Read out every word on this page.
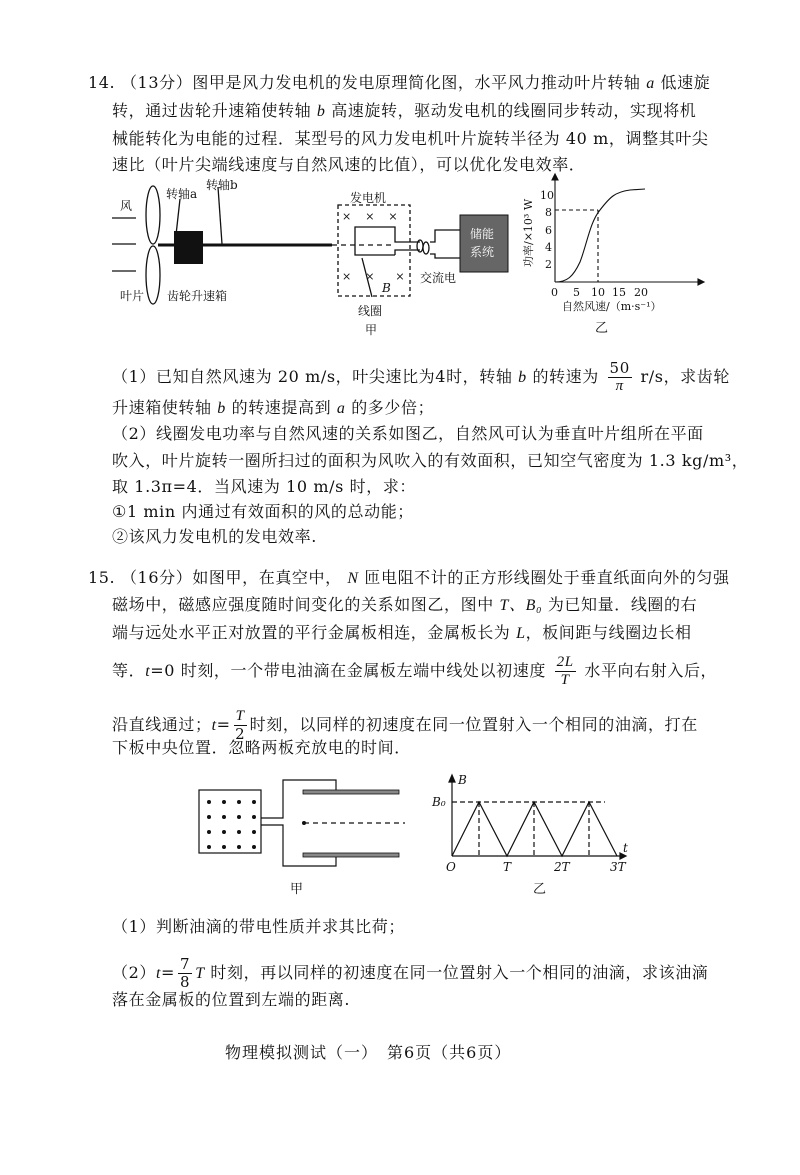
14. （13分）图甲是风力发电机的发电原理简化图，水平风力推动叶片转轴 a 低速旋
转，通过齿轮升速箱使转轴 b 高速旋转，驱动发电机的线圈同步转动，实现将机
械能转化为电能的过程．某型号的风力发电机叶片旋转半径为 40 m，调整其叶尖
速比（叶片尖端线速度与自然风速的比值），可以优化发电效率．
风
转轴a
转轴b
发电机
储能
系统
交流电
线圈
叶片 齿轮升速箱
B
甲
×    ×    ×
×    ×      ×
2
4
6
8
10
0 5 10 15 20
自然风速/（m·s⁻¹）
功率/×10³ W
乙
（1）已知自然风速为 20 m/s，叶尖速比为4时，转轴 b 的转速为 $\frac{50}{\pi} r/s$，求齿轮
升速箱使转轴 b 的转速提高到 a 的多少倍；
（2）线圈发电功率与自然风速的关系如图乙，自然风可认为垂直叶片组所在平面
吹入，叶片旋转一圈所扫过的面积为风吹入的有效面积，已知空气密度为 1.3 kg/m³，
取 1.3π=4．当风速为 10 m/s 时，求：
①1 min 内通过有效面积的风的总动能；
②该风力发电机的发电效率.
15. （16分）如图甲，在真空中， N 匝电阻不计的正方形线圈处于垂直纸面向外的匀强
磁场中，磁感应强度随时间变化的关系如图乙，图中 T、B₀ 为已知量．线圈的右
端与远处水平正对放置的平行金属板相连，金属板长为 L，板间距与线圈边长相
等．t=0 时刻，一个带电油滴在金属板左端中线处以初速度 $\frac{2L}{T}$ 水平向右射入后，
沿直线通过；$t= \frac{T}{2}$ 时刻，以同样的初速度在同一位置射入一个相同的油滴，打在
下板中央位置．忽略两板充放电的时间．
甲
B
t
B₀
O	T	2T	3T
乙
（1）判断油滴的带电性质并求其比荷；
$(2)t= \frac{7}{8}$ T 时刻，再以同样的初速度在同一位置射入一个相同的油滴，求该油滴
落在金属板的位置到左端的距离.
物理模拟测试（一）　第6页（共6页）
